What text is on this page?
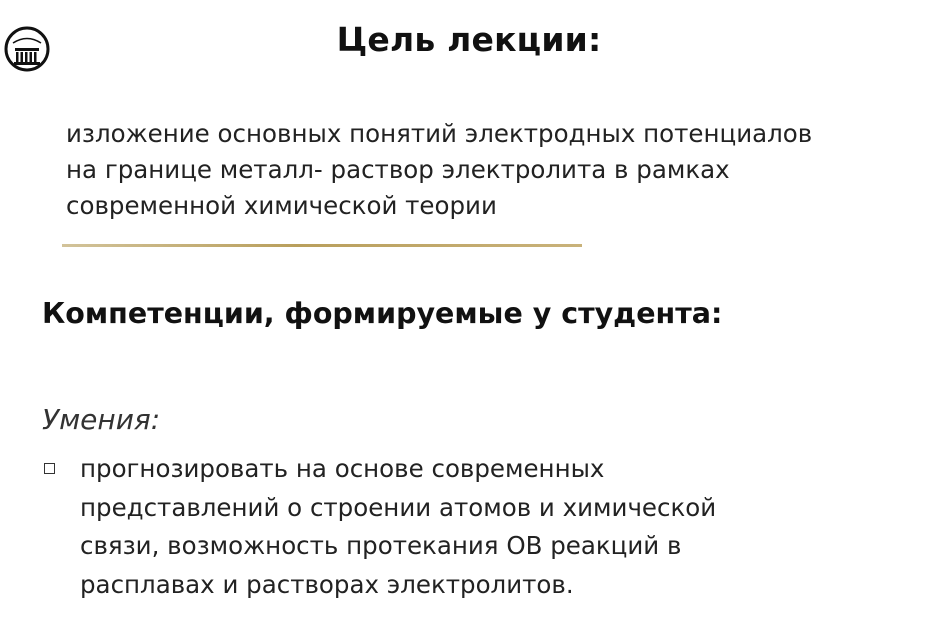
Цель лекции:

изложение основных понятий электродных потенциалов
на границе металл- раствор электролита в рамках
современной химической теории

Компетенции, формируемые у студента:
Умения:

прогнозировать на основе современных
представлений о строении атомов и химической
связи, возможность протекания ОВ реакций в
расплавах и растворах электролитов.
